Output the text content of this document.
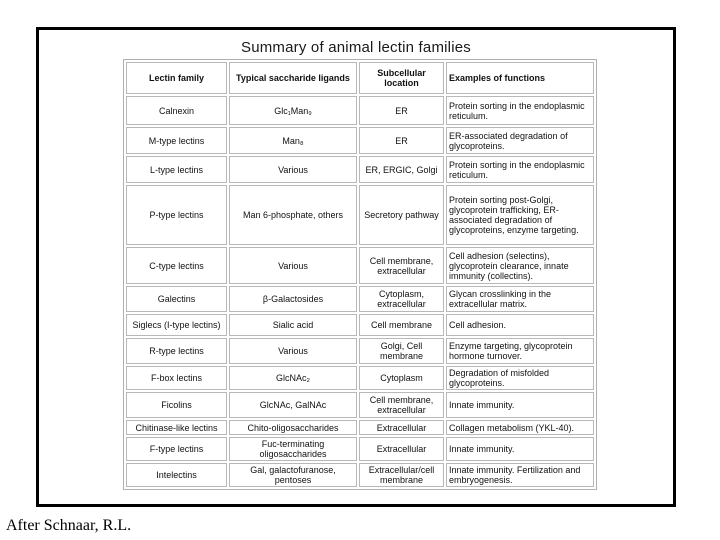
Summary of animal lectin families
Lectin family	Typical saccharide ligands	Subcellular location	Examples of functions
Calnexin	Glc₁Man₉	ER	Protein sorting in the endoplasmic reticulum.
M-type lectins	Man₈	ER	ER-associated degradation of glycoproteins.
L-type lectins	Various	ER, ERGIC, Golgi	Protein sorting in the endoplasmic reticulum.
P-type lectins	Man 6-phosphate, others	Secretory pathway	Protein sorting post-Golgi, glycoprotein trafficking, ER-associated degradation of glycoproteins, enzyme targeting.
C-type lectins	Various	Cell membrane, extracellular	Cell adhesion (selectins), glycoprotein clearance, innate immunity (collectins).
Galectins	β-Galactosides	Cytoplasm, extracellular	Glycan crosslinking in the extracellular matrix.
Siglecs (I-type lectins)	Sialic acid	Cell membrane	Cell adhesion.
R-type lectins	Various	Golgi, Cell membrane	Enzyme targeting, glycoprotein hormone turnover.
F-box lectins	GlcNAc₂	Cytoplasm	Degradation of misfolded glycoproteins.
Ficolins	GlcNAc, GalNAc	Cell membrane, extracellular	Innate immunity.
Chitinase-like lectins	Chito-oligosaccharides	Extracellular	Collagen metabolism (YKL-40).
F-type lectins	Fuc-terminating oligosaccharides	Extracellular	Innate immunity.
Intelectins	Gal, galactofuranose, pentoses	Extracellular/cell membrane	Innate immunity. Fertilization and embryogenesis.
After Schnaar, R.L.
